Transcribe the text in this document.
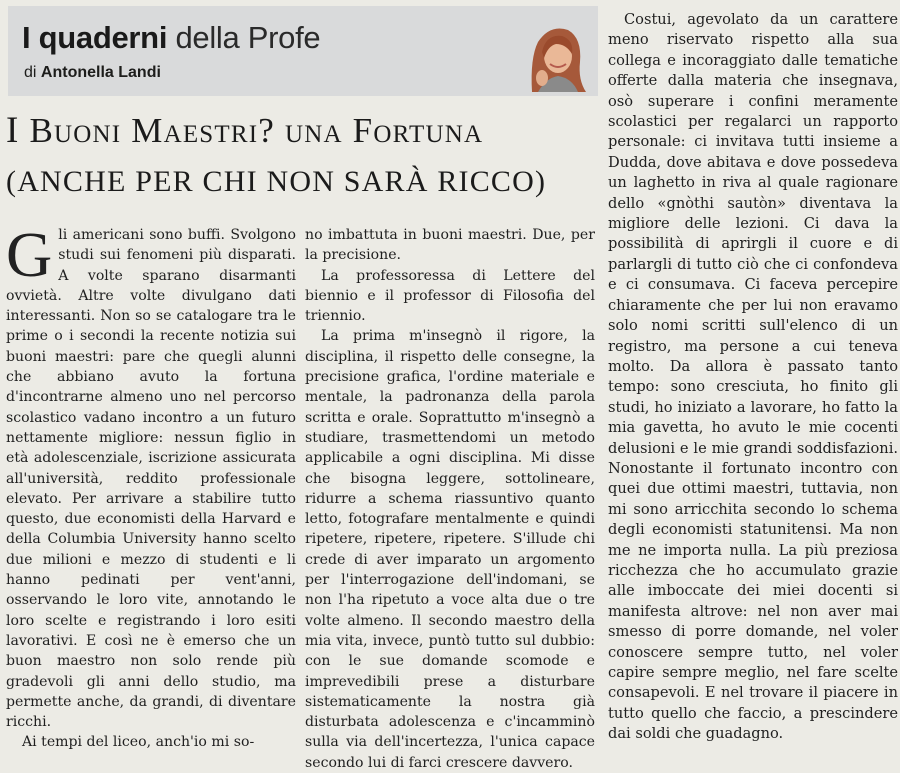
I quaderni della Profe
di Antonella Landi
I Buoni Maestri? una Fortuna
(ANCHE PER CHI NON SARÀ RICCO)

Gli americani sono buffi. Svolgono studi sui fenomeni più disparati. A volte sparano disarmanti ovvietà. Altre volte divulgano dati interessanti. Non so se catalogare tra le prime o i secondi la recente notizia sui buoni maestri: pare che quegli alunni che abbiano avuto la fortuna d'incontrarne almeno uno nel percorso scolastico vadano incontro a un futuro nettamente migliore: nessun figlio in età adolescenziale, iscrizione assicurata all'università, reddito professionale elevato. Per arrivare a stabilire tutto questo, due economisti della Harvard e della Columbia University hanno scelto due milioni e mezzo di studenti e li hanno pedinati per vent'anni, osservando le loro vite, annotando le loro scelte e registrando i loro esiti lavorativi. E così ne è emerso che un buon maestro non solo rende più gradevoli gli anni dello studio, ma permette anche, da grandi, di diventare ricchi.

Ai tempi del liceo, anch'io mi so-

no imbattuta in buoni maestri. Due, per la precisione.

La professoressa di Lettere del biennio e il professor di Filosofia del triennio.

La prima m'insegnò il rigore, la disciplina, il rispetto delle consegne, la precisione grafica, l'ordine materiale e mentale, la padronanza della parola scritta e orale. Soprattutto m'insegnò a studiare, trasmettendomi un metodo applicabile a ogni disciplina. Mi disse che bisogna leggere, sottolineare, ridurre a schema riassuntivo quanto letto, fotografare mentalmente e quindi ripetere, ripetere, ripetere. S'illude chi crede di aver imparato un argomento per l'interrogazione dell'indomani, se non l'ha ripetuto a voce alta due o tre volte almeno. Il secondo maestro della mia vita, invece, puntò tutto sul dubbio: con le sue domande scomode e imprevedibili prese a disturbare sistematicamente la nostra già disturbata adolescenza e c'incamminò sulla via dell'incertezza, l'unica capace secondo lui di farci crescere davvero.

Costui, agevolato da un carattere meno riservato rispetto alla sua collega e incoraggiato dalle tematiche offerte dalla materia che insegnava, osò superare i confini meramente scolastici per regalarci un rapporto personale: ci invitava tutti insieme a Dudda, dove abitava e dove possedeva un laghetto in riva al quale ragionare dello «gnòthi sautòn» diventava la migliore delle lezioni. Ci dava la possibilità di aprirgli il cuore e di parlargli di tutto ciò che ci confondeva e ci consumava. Ci faceva percepire chiaramente che per lui non eravamo solo nomi scritti sull'elenco di un registro, ma persone a cui teneva molto. Da allora è passato tanto tempo: sono cresciuta, ho finito gli studi, ho iniziato a lavorare, ho fatto la mia gavetta, ho avuto le mie cocenti delusioni e le mie grandi soddisfazioni. Nonostante il fortunato incontro con quei due ottimi maestri, tuttavia, non mi sono arricchita secondo lo schema degli economisti statunitensi. Ma non me ne importa nulla. La più preziosa ricchezza che ho accumulato grazie alle imboccate dei miei docenti si manifesta altrove: nel non aver mai smesso di porre domande, nel voler conoscere sempre tutto, nel voler capire sempre meglio, nel fare scelte consapevoli. E nel trovare il piacere in tutto quello che faccio, a prescindere dai soldi che guadagno.
